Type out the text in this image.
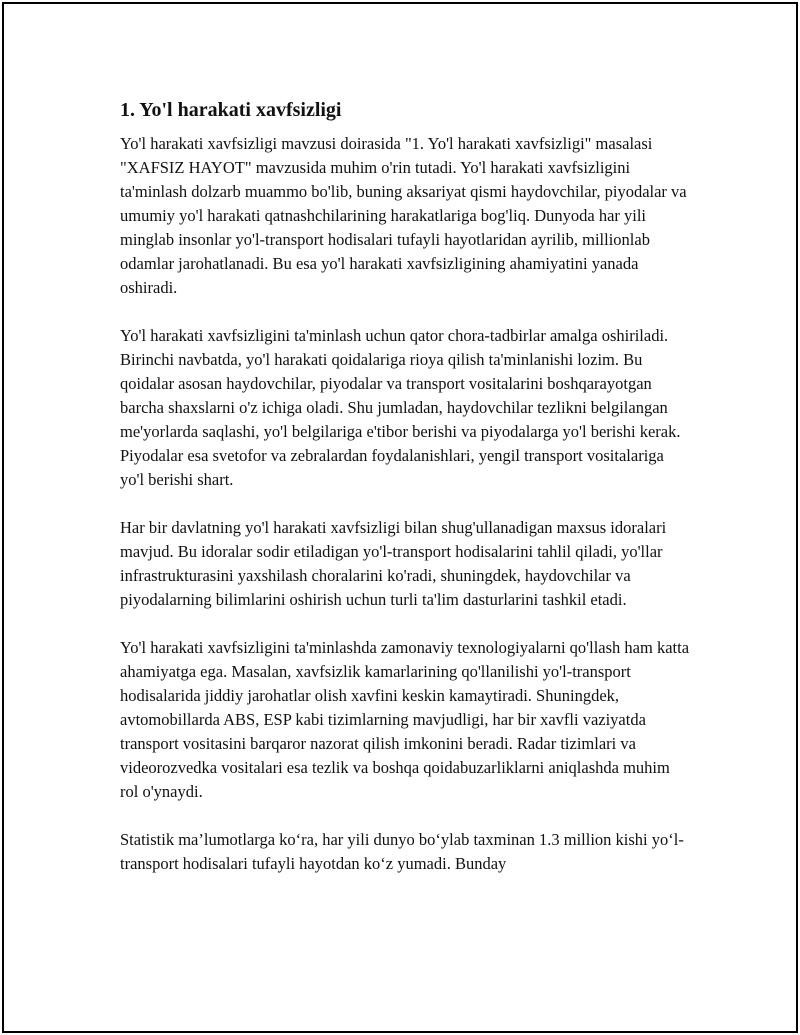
1. Yo'l harakati xavfsizligi

Yo'l harakati xavfsizligi mavzusi doirasida "1. Yo'l harakati xavfsizligi" masalasi "XAFSIZ HAYOT" mavzusida muhim o'rin tutadi. Yo'l harakati xavfsizligini ta'minlash dolzarb muammo bo'lib, buning aksariyat qismi haydovchilar, piyodalar va umumiy yo'l harakati qatnashchilarining harakatlariga bog'liq. Dunyoda har yili minglab insonlar yo'l-transport hodisalari tufayli hayotlaridan ayrilib, millionlab odamlar jarohatlanadi. Bu esa yo'l harakati xavfsizligining ahamiyatini yanada oshiradi.

Yo'l harakati xavfsizligini ta'minlash uchun qator chora-tadbirlar amalga oshiriladi. Birinchi navbatda, yo'l harakati qoidalariga rioya qilish ta'minlanishi lozim. Bu qoidalar asosan haydovchilar, piyodalar va transport vositalarini boshqarayotgan barcha shaxslarni o'z ichiga oladi. Shu jumladan, haydovchilar tezlikni belgilangan me'yorlarda saqlashi, yo'l belgilariga e'tibor berishi va piyodalarga yo'l berishi kerak. Piyodalar esa svetofor va zebralardan foydalanishlari, yengil transport vositalariga yo'l berishi shart.

Har bir davlatning yo'l harakati xavfsizligi bilan shug'ullanadigan maxsus idoralari mavjud. Bu idoralar sodir etiladigan yo'l-transport hodisalarini tahlil qiladi, yo'llar infrastrukturasini yaxshilash choralarini ko'radi, shuningdek, haydovchilar va piyodalarning bilimlarini oshirish uchun turli ta'lim dasturlarini tashkil etadi.

Yo'l harakati xavfsizligini ta'minlashda zamonaviy texnologiyalarni qo'llash ham katta ahamiyatga ega. Masalan, xavfsizlik kamarlarining qo'llanilishi yo'l-transport hodisalarida jiddiy jarohatlar olish xavfini keskin kamaytiradi. Shuningdek, avtomobillarda ABS, ESP kabi tizimlarning mavjudligi, har bir xavfli vaziyatda transport vositasini barqaror nazorat qilish imkonini beradi. Radar tizimlari va videorozvedka vositalari esa tezlik va boshqa qoidabuzarliklarni aniqlashda muhim rol o'ynaydi.

Statistik ma’lumotlarga ko‘ra, har yili dunyo bo‘ylab taxminan 1.3 million kishi yo‘l-transport hodisalari tufayli hayotdan ko‘z yumadi. Bunday
